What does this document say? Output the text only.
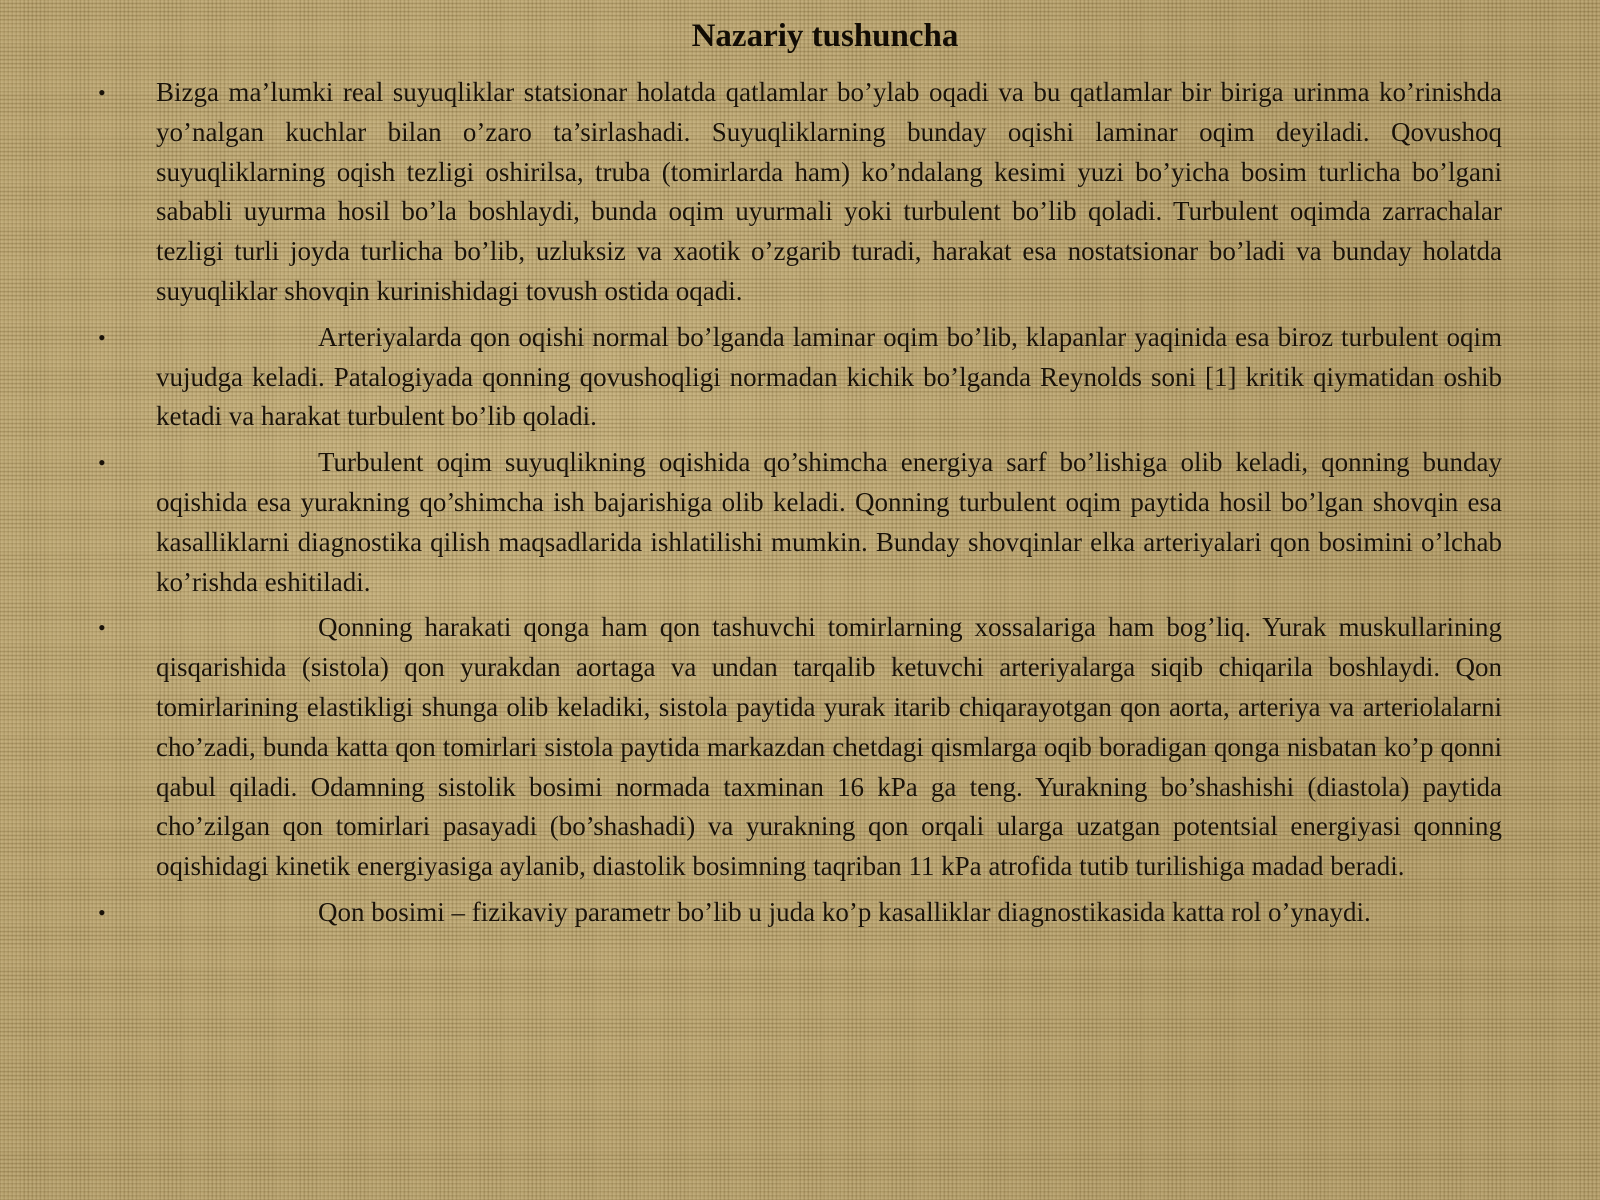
Nazariy tushuncha
• Bizga ma’lumki real suyuqliklar statsionar holatda qatlamlar bo’ylab oqadi va bu qatlamlar bir biriga urinma ko’rinishda yo’nalgan kuchlar bilan o’zaro ta’sirlashadi. Suyuqliklarning bunday oqishi laminar oqim deyiladi. Qovushoq suyuqliklarning oqish tezligi oshirilsa, truba (tomirlarda ham) ko’ndalang kesimi yuzi bo’yicha bosim turlicha bo’lgani sababli uyurma hosil bo’la boshlaydi, bunda oqim uyurmali yoki turbulent bo’lib qoladi. Turbulent oqimda zarrachalar tezligi turli joyda turlicha bo’lib, uzluksiz va xaotik o’zgarib turadi, harakat esa nostatsionar bo’ladi va bunday holatda suyuqliklar shovqin kurinishidagi tovush ostida oqadi.
•	Arteriyalarda qon oqishi normal bo’lganda laminar oqim bo’lib, klapanlar yaqinida esa biroz turbulent oqim vujudga keladi. Patalogiyada qonning qovushoqligi normadan kichik bo’lganda Reynolds soni [1] kritik qiymatidan oshib ketadi va harakat turbulent bo’lib qoladi.
•	Turbulent oqim suyuqlikning oqishida qo’shimcha energiya sarf bo’lishiga olib keladi, qonning bunday oqishida esa yurakning qo’shimcha ish bajarishiga olib keladi. Qonning turbulent oqim paytida hosil bo’lgan shovqin esa kasalliklarni diagnostika qilish maqsadlarida ishlatilishi mumkin. Bunday shovqinlar elka arteriyalari qon bosimini o’lchab ko’rishda eshitiladi.
•	Qonning harakati qonga ham qon tashuvchi tomirlarning xossalariga ham bog’liq. Yurak muskullarining qisqarishida (sistola) qon yurakdan aortaga va undan tarqalib ketuvchi arteriyalarga siqib chiqarila boshlaydi. Qon tomirlarining elastikligi shunga olib keladiki, sistola paytida yurak itarib chiqarayotgan qon aorta, arteriya va arteriolalarni cho’zadi, bunda katta qon tomirlari sistola paytida markazdan chetdagi qismlarga oqib boradigan qonga nisbatan ko’p qonni qabul qiladi. Odamning sistolik bosimi normada taxminan 16 kPa ga teng. Yurakning bo’shashishi (diastola) paytida cho’zilgan qon tomirlari pasayadi (bo’shashadi) va yurakning qon orqali ularga uzatgan potentsial energiyasi qonning oqishidagi kinetik energiyasiga aylanib, diastolik bosimning taqriban 11 kPa atrofida tutib turilishiga madad beradi.
•	Qon bosimi – fizikaviy parametr bo’lib u juda ko’p kasalliklar diagnostikasida katta rol o’ynaydi.
